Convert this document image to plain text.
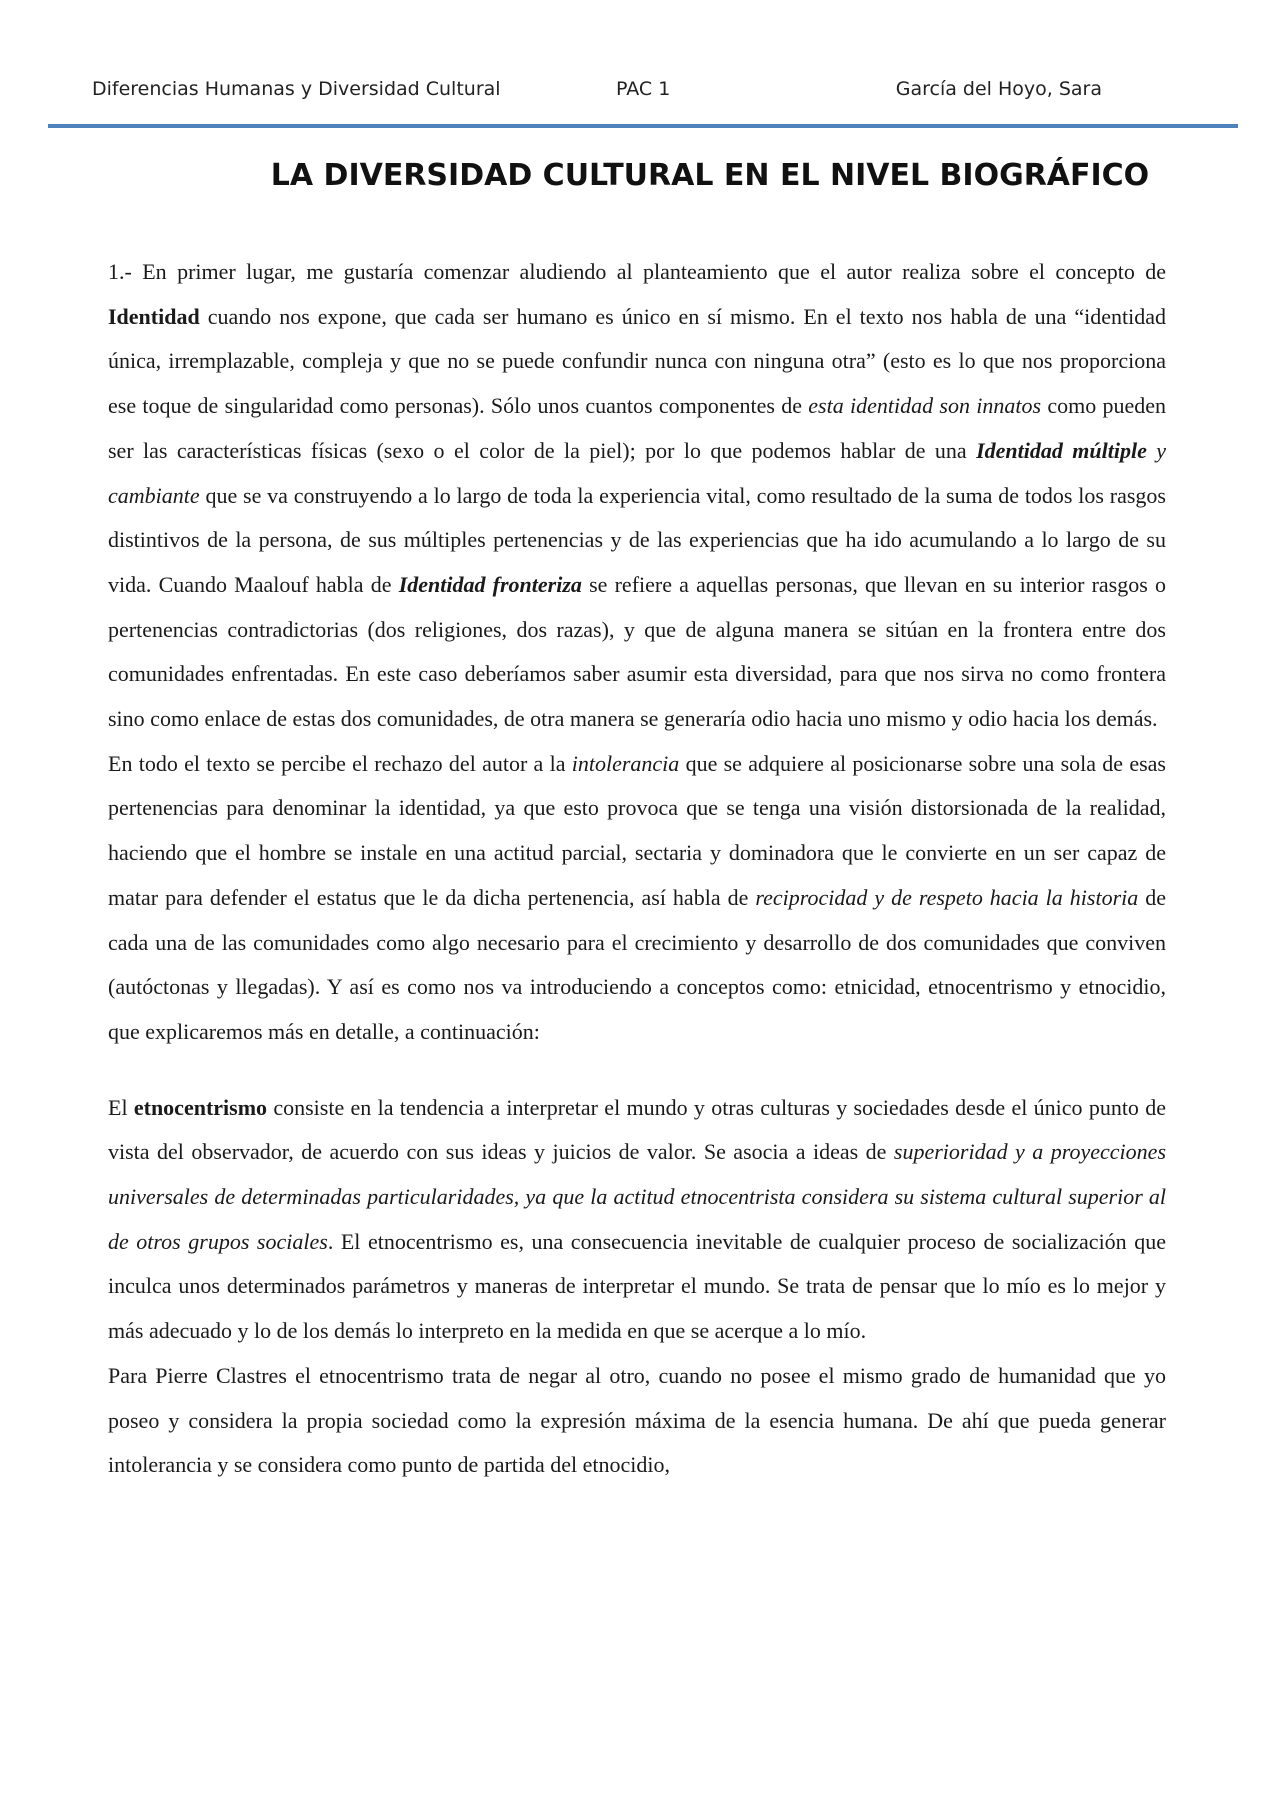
Diferencias Humanas y Diversidad Cultural	PAC 1	García del Hoyo, Sara
LA DIVERSIDAD CULTURAL EN EL NIVEL BIOGRÁFICO

1.- En primer lugar, me gustaría comenzar aludiendo al planteamiento que el autor realiza sobre el concepto de Identidad cuando nos expone, que cada ser humano es único en sí mismo. En el texto nos habla de una “identidad única, irremplazable, compleja y que no se puede confundir nunca con ninguna otra” (esto es lo que nos proporciona ese toque de singularidad como personas). Sólo unos cuantos componentes de esta identidad son innatos como pueden ser las características físicas (sexo o el color de la piel); por lo que podemos hablar de una Identidad múltiple y cambiante que se va construyendo a lo largo de toda la experiencia vital, como resultado de la suma de todos los rasgos distintivos de la persona, de sus múltiples pertenencias y de las experiencias que ha ido acumulando a lo largo de su vida. Cuando Maalouf habla de Identidad fronteriza se refiere a aquellas personas, que llevan en su interior rasgos o pertenencias contradictorias (dos religiones, dos razas), y que de alguna manera se sitúan en la frontera entre dos comunidades enfrentadas. En este caso deberíamos saber asumir esta diversidad, para que nos sirva no como frontera sino como enlace de estas dos comunidades, de otra manera se generaría odio hacia uno mismo y odio hacia los demás.

En todo el texto se percibe el rechazo del autor a la intolerancia que se adquiere al posicionarse sobre una sola de esas pertenencias para denominar la identidad, ya que esto provoca que se tenga una visión distorsionada de la realidad, haciendo que el hombre se instale en una actitud parcial, sectaria y dominadora que le convierte en un ser capaz de matar para defender el estatus que le da dicha pertenencia, así habla de reciprocidad y de respeto hacia la historia de cada una de las comunidades como algo necesario para el crecimiento y desarrollo de dos comunidades que conviven (autóctonas y llegadas). Y así es como nos va introduciendo a conceptos como: etnicidad, etnocentrismo y etnocidio, que explicaremos más en detalle, a continuación:

El etnocentrismo consiste en la tendencia a interpretar el mundo y otras culturas y sociedades desde el único punto de vista del observador, de acuerdo con sus ideas y juicios de valor. Se asocia a ideas de superioridad y a proyecciones universales de determinadas particularidades, ya que la actitud etnocentrista considera su sistema cultural superior al de otros grupos sociales. El etnocentrismo es, una consecuencia inevitable de cualquier proceso de socialización que inculca unos determinados parámetros y maneras de interpretar el mundo. Se trata de pensar que lo mío es lo mejor y más adecuado y lo de los demás lo interpreto en la medida en que se acerque a lo mío.

Para Pierre Clastres el etnocentrismo trata de negar al otro, cuando no posee el mismo grado de humanidad que yo poseo y considera la propia sociedad como la expresión máxima de la esencia humana. De ahí que pueda generar intolerancia y se considera como punto de partida del etnocidio,
